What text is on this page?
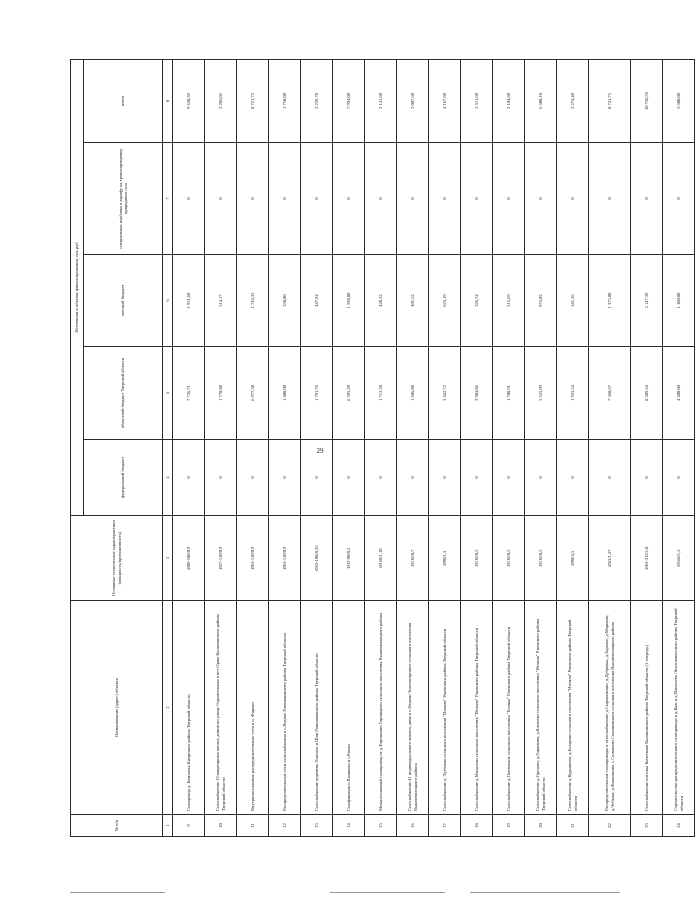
29
№ п/п	Наименование (адрес) объекта	Основные технические характеристики (мощность/протяженность)	Источники и объемы финансирования, тыс.руб				
			федеральный бюджет	областной бюджет Тверской области	частный бюджет	специальная надбавка к тарифу на транспортировку природного газа	итого
1	2	3	4	5	6	7	8
9	Газопровод д. Камчатка Кимрского района Тверской области	Ø89-108/0,9	0	7 726,71	1 931,68	0	9 658,39
10	Газоснабжение 12-квартирных жилых домов по улице Строительная в пгт Орша Калининского района Тверской области	Ø57-110/0,9	0	1 770,88	514,17	0	2 285,05
11	Внутрипоселковые распределительные сети в п. Фирово	Ø63-110/0,9	0	6 977,38	1 744,35	0	8 721,73
12	Распределительные сети газоснабжения в с.Ведное Рамешковского района Тверской области	Ø63-110/0,9	0	1 400,00	350,00	0	1 750,00
13	Газоснабжение деревень Плоское и Шов Рамешковского района Тверской области	Ø63-108/0,35	0	1 791,76	447,94	0	2 239,70
14	Газификация п.Вышково и г.Ржево	Ø32-90/0,3	0	6 395,20	1 598,80	0	7 994,00
15	Межпоселковый газопровод от д.Торгошино Горницкого сельского поселения Вышневолоцкого района	Ø160/1,18	0	1 712,28	428,32	0	2 141,60
16	Газоснабжение 41 индивидуального жилого дома в с.Федово Зеленогорского сельского поселения Вышневолоцкого района	Ø110/0,7	0	1 606,08	401,52	0	2 007,60
17	Газоснабжение д. Тутблево сельского поселения "Итомля" Ржевского района Тверской области	Ø90/1,3	0	3 442,72	625,19	0	4 167,90
18	Газоснабжение д.Михалево сельского поселения "Итомля" Ржевского района Тверской области	Ø110/0,5	0	2 984,86	526,74	0	3 511,60
19	Газоснабжение д.Полтевыне сельского поселения "Есинка" Ржевского района Тверской области	Ø110/0,5	0	1 788,91	315,69	0	2 104,60
20	Газоснабжение д.Орехово, д.Горшково, д.Клешево сельского поселения "Итомля" Ржевского района Тверской области	Ø110/0,5	0	5 525,09	975,02	0	6 500,10
21	Газоснабжение д.Курьяново, д.Бозарино сельского поселения "Итомля" Ржевского района Тверской области	Ø90/4,5	0	1 933,24	341,16	0	2 274,40
22	Распределительные газопроводы к газоснабжению д.Сыроваткино, д.Дубровка, д.Зарочье, д.Марьино, д.Чебыки, д.Филиппово, с.Солошево Солошевского сельского поселения Вышневолоцкого района	Ø63/1,37	0	7 368,67	1 373,08	0	8 741,75
23	Газоснабжение поселка Кочетково Калининского района Тверской области (1 очередь)	Ø63-315/1,8	0	8 589,54	2 147,39	0	10 736,93
24	Строительство распределительного газопровода к д.Каж и д.Михалево Лихославльского района Тверской области	Ø160/1,5	0	4 400,00	1 100,00	0	5 500,00
